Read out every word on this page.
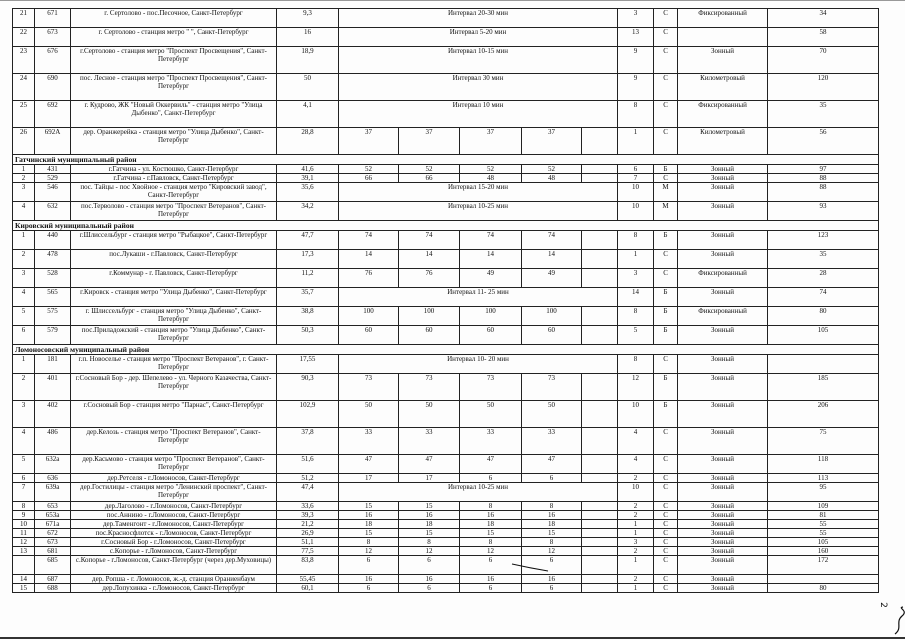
21	671	г. Сертолово - пос.Песочное, Санкт-Петербург	9,3	Интервал 20-30 мин					3	С	Фиксированный	34
22	673	г. Сертолово - станция метро " ", Санкт-Петербург	16	Интервал 5-20 мин					13	С		58
23	676	г.Сертолово - станция метро "Проспект Просвещения", Санкт-Петербург	18,9	Интервал 10-15 мин					9	С	Зонный	70
24	690	пос. Лесное - станция метро "Проспект Просвещения", Санкт-Петербург	50	Интервал 30 мин					9	С	Километровый	120
25	692	г. Кудрово, ЖК "Новый Оккервиль" - станция метро "Улица Дыбенко", Санкт-Петербург	4,1	Интервал 10 мин					8	С	Фиксированный	35
26	692А	дер. Оранжерейка - станция метро "Улица Дыбенко", Санкт-Петербург	28,8	37	37	37	37		1	С	Километровый	56
Гатчинский муниципальный район												
1	431	г.Гатчина - ул. Костюшко, Санкт-Петербург	41,6	52	52	52	52		6	Б	Зонный	97
2	529	г.Гатчина - г.Павловск, Санкт-Петербург	39,1	66	66	48	48		7	С	Зонный	88
3	546	пос. Тайцы - пос Хвойное - станция метро "Кировский завод", Санкт-Петербург	35,6	Интервал 15-20 мин					10	М	Зонный	88
4	632	пос.Терволово - станция метро "Проспект Ветеранов", Санкт-Петербург	34,2	Интервал 10-25 мин					10	М	Зонный	93
Кировский муниципальный район												
1	440	г.Шлиссельбург - станция метро "Рыбацкое", Санкт-Петербург	47,7	74	74	74	74		8	Б	Зонный	123
2	478	пос.Лукаши - г.Павловск, Санкт-Петербург	17,3	14	14	14	14		1	С	Зонный	35
3	528	г.Коммунар - г. Павловск, Санкт-Петербург	11,2	76	76	49	49		3	С	Фиксированный	28
4	565	г.Кировск - станция метро "Улица Дыбенко", Санкт-Петербург	35,7	Интервал 11- 25 мин					14	Б	Зонный	74
5	575	г. Шлиссельбург - станция метро "Улица Дыбенко", Санкт-Петербург	38,8	100	100	100	100		8	Б	Фиксированный	80
6	579	пос.Приладожский - станция метро "Улица Дыбенко", Санкт-Петербург	50,3	60	60	60	60		5	Б	Зонный	105
Ломоносовский муниципальный район												
1	181	г.п. Новоселье - станция метро "Проспект Ветеранов", г. Санкт-Петербург	17,55	Интервал 10- 20 мин					8	С	Зонный	
2	401	г.Сосновый Бор - дер. Шепелево - ул. Черного Казачества, Санкт-Петербург	90,3	73	73	73	73		12	Б	Зонный	185
3	402	г.Сосновый Бор - станция метро "Парнас", Санкт-Петербург	102,9	50	50	50	50		10	Б	Зонный	206
4	486	дер.Келозь - станция метро "Проспект Ветеранов", Санкт-Петербург	37,8	33	33	33	33		4	С	Зонный	75
5	632а	дер.Касьмово - станция метро "Проспект Ветеранов", Санкт-Петербург	51,6	47	47	47	47		4	С	Зонный	118
6	636	дер.Ретселя - г.Ломоносов, Санкт-Петербург	51,2	17	17	6	6		2	С	Зонный	113
7	639а	дер.Гостилицы - станция метро "Ленинский проспект", Санкт-Петербург	47,4	Интервал 10-25 мин					10	С	Зонный	95
8	653	дер.Лаголово - г.Ломоносов, Санкт-Петербург	33,6	15	15	8	8		2	С	Зонный	109
9	653а	пос.Аннино - г.Ломоносов, Санкт-Петербург	39,3	16	16	16	16		2	С	Зонный	81
10	671а	дер.Таменгонт - г.Ломоносов, Санкт-Петербург	21,2	18	18	18	18		1	С	Зонный	55
11	672	пос.Красносфлотск - г.Ломоносов, Санкт-Петербург	26,9	15	15	15	15		1	С	Зонный	55
12	673	г.Сосновый Бор - г.Ломоносов, Санкт-Петербург	51,1	8	8	8	8		3	С	Зонный	105
13	681	с.Копорье - г.Ломоносов, Санкт-Петербург	77,5	12	12	12	12		2	С	Зонный	160
	685	с.Копорье - г.Ломоносов, Санкт-Петербург (через дер.Муховицы)	83,8	6	6	6	6		1	С	Зонный	172
14	687	дер. Ропша - г. Ломоносов, ж.-д. станция Ораниенбаум	55,45	16	16	16	16		2	С	Зонный	
15	688	дер.Лопухинка - г.Ломоносов, Санкт-Петербург	60,1	6	6	6	6		1	С	Зонный	80
2
